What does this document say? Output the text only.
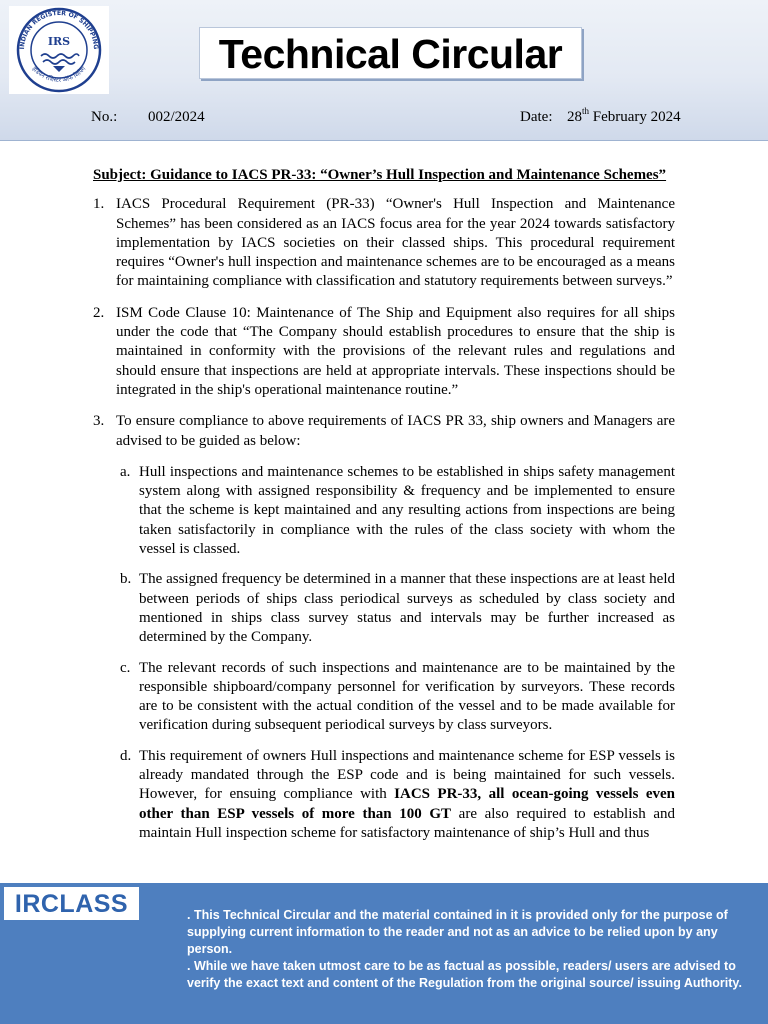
INDIAN REGISTER OF SHIPPING
इंडियन रजिस्टर ऑफ शिपिंग
IRS	Technical Circular
No.: 002/2024	Date: 28th February 2024

Subject: Guidance to IACS PR-33: “Owner’s Hull Inspection and Maintenance Schemes”

1. IACS Procedural Requirement (PR-33) “Owner's Hull Inspection and Maintenance Schemes” has been considered as an IACS focus area for the year 2024 towards satisfactory implementation by IACS societies on their classed ships. This procedural requirement requires “Owner's hull inspection and maintenance schemes are to be encouraged as a means for maintaining compliance with classification and statutory requirements between surveys.”
2. ISM Code Clause 10: Maintenance of The Ship and Equipment also requires for all ships under the code that “The Company should establish procedures to ensure that the ship is maintained in conformity with the provisions of the relevant rules and regulations and should ensure that inspections are held at appropriate intervals. These inspections should be integrated in the ship's operational maintenance routine.”
3. To ensure compliance to above requirements of IACS PR 33, ship owners and Managers are advised to be guided as below:
a. Hull inspections and maintenance schemes to be established in ships safety management system along with assigned responsibility & frequency and be implemented to ensure that the scheme is kept maintained and any resulting actions from inspections are being taken satisfactorily in compliance with the rules of the class society with whom the vessel is classed.
b. The assigned frequency be determined in a manner that these inspections are at least held between periods of ships class periodical surveys as scheduled by class society and mentioned in ships class survey status and intervals may be further increased as determined by the Company.
c. The relevant records of such inspections and maintenance are to be maintained by the responsible shipboard/company personnel for verification by surveyors. These records are to be consistent with the actual condition of the vessel and to be made available for verification during subsequent periodical surveys by class surveyors.
d. This requirement of owners Hull inspections and maintenance scheme for ESP vessels is already mandated through the ESP code and is being maintained for such vessels. However, for ensuing compliance with IACS PR-33, all ocean-going vessels even other than ESP vessels of more than 100 GT are also required to establish and maintain Hull inspection scheme for satisfactory maintenance of ship’s Hull and thus
IRCLASS	. This Technical Circular and the material contained in it is provided only for the purpose of supplying current information to the reader and not as an advice to be relied upon by any person.

. While we have taken utmost care to be as factual as possible, readers/ users are advised to verify the exact text and content of the Regulation from the original source/ issuing Authority.
